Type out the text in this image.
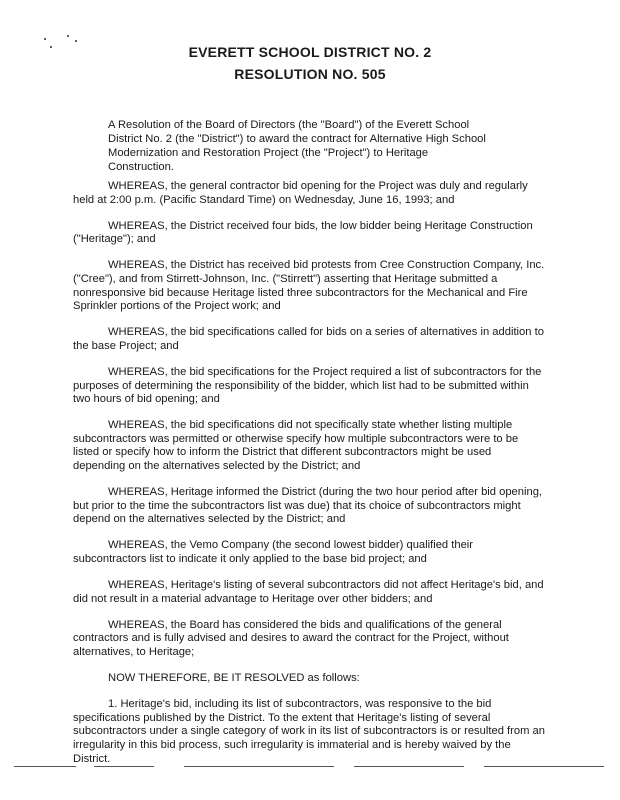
EVERETT SCHOOL DISTRICT NO. 2
RESOLUTION NO. 505
A Resolution of the Board of Directors (the "Board") of the Everett School District No. 2 (the "District") to award the contract for Alternative High School Modernization and Restoration Project (the "Project") to Heritage Construction.

WHEREAS, the general contractor bid opening for the Project was duly and regularly held at 2:00 p.m. (Pacific Standard Time) on Wednesday, June 16, 1993; and

WHEREAS, the District received four bids, the low bidder being Heritage Construction ("Heritage"); and

WHEREAS, the District has received bid protests from Cree Construction Company, Inc. ("Cree"), and from Stirrett-Johnson, Inc. ("Stirrett") asserting that Heritage submitted a nonresponsive bid because Heritage listed three subcontractors for the Mechanical and Fire Sprinkler portions of the Project work; and

WHEREAS, the bid specifications called for bids on a series of alternatives in addition to the base Project; and

WHEREAS, the bid specifications for the Project required a list of subcontractors for the purposes of determining the responsibility of the bidder, which list had to be submitted within two hours of bid opening; and

WHEREAS, the bid specifications did not specifically state whether listing multiple subcontractors was permitted or otherwise specify how multiple subcontractors were to be listed or specify how to inform the District that different subcontractors might be used depending on the alternatives selected by the District; and

WHEREAS, Heritage informed the District (during the two hour period after bid opening, but prior to the time the subcontractors list was due) that its choice of subcontractors might depend on the alternatives selected by the District; and

WHEREAS, the Vemo Company (the second lowest bidder) qualified their subcontractors list to indicate it only applied to the base bid project; and

WHEREAS, Heritage's listing of several subcontractors did not affect Heritage's bid, and did not result in a material advantage to Heritage over other bidders; and

WHEREAS, the Board has considered the bids and qualifications of the general contractors and is fully advised and desires to award the contract for the Project, without alternatives, to Heritage;

NOW THEREFORE, BE IT RESOLVED as follows:

1. Heritage's bid, including its list of subcontractors, was responsive to the bid specifications published by the District. To the extent that Heritage's listing of several subcontractors under a single category of work in its list of subcontractors is or resulted from an irregularity in this bid process, such irregularity is immaterial and is hereby waived by the District.
